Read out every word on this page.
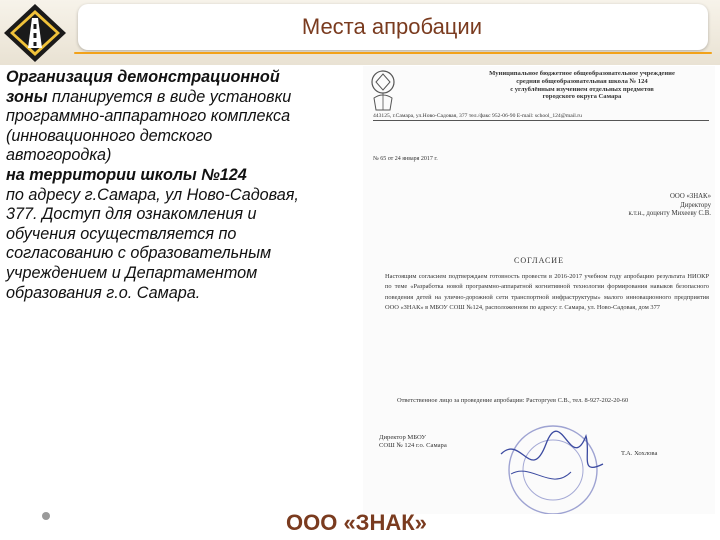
Места апробации
Организация демонстрационной
зоны планируется в виде установки
программно-аппаратного комплекса
(инновационного детского
автогородка)
на территории школы №124
по адресу г.Самара, ул Ново-Садовая,
377. Доступ для ознакомления и
обучения осуществляется по
согласованию с образовательным
учреждением и Департаментом
образования г.о. Самара.
Муниципальное бюджетное общеобразовательное учреждение
средняя общеобразовательная школа № 124
с углублённым изучением отдельных предметов
городского округа Самара
443125, г.Самара, ул.Ново-Садовая, 377 тел./факс 952-06-90 E-mail: school_124@mail.ru
№ 65 от 24 января 2017 г.
ООО «ЗНАК»
Директору
к.т.н., доценту Михееву С.В.
СОГЛАСИЕ
Настоящим согласием подтверждаем готовность провести в 2016-2017 учебном году апробацию результата НИОКР по теме «Разработка новой программно-аппаратной когнитивной технологии формирования навыков безопасного поведения детей на улично-дорожной сети транспортной инфраструктуры» малого инновационного предприятия ООО «ЗНАК» в МБОУ СОШ №124, расположенном по адресу: г. Самара, ул. Ново-Садовая, дом 377
Ответственное лицо за проведение апробации: Расторгуев С.В., тел. 8-927-202-20-60
Директор МБОУ
СОШ № 124 г.о. Самара
Т.А. Хохлова
ООО «ЗНАК»
